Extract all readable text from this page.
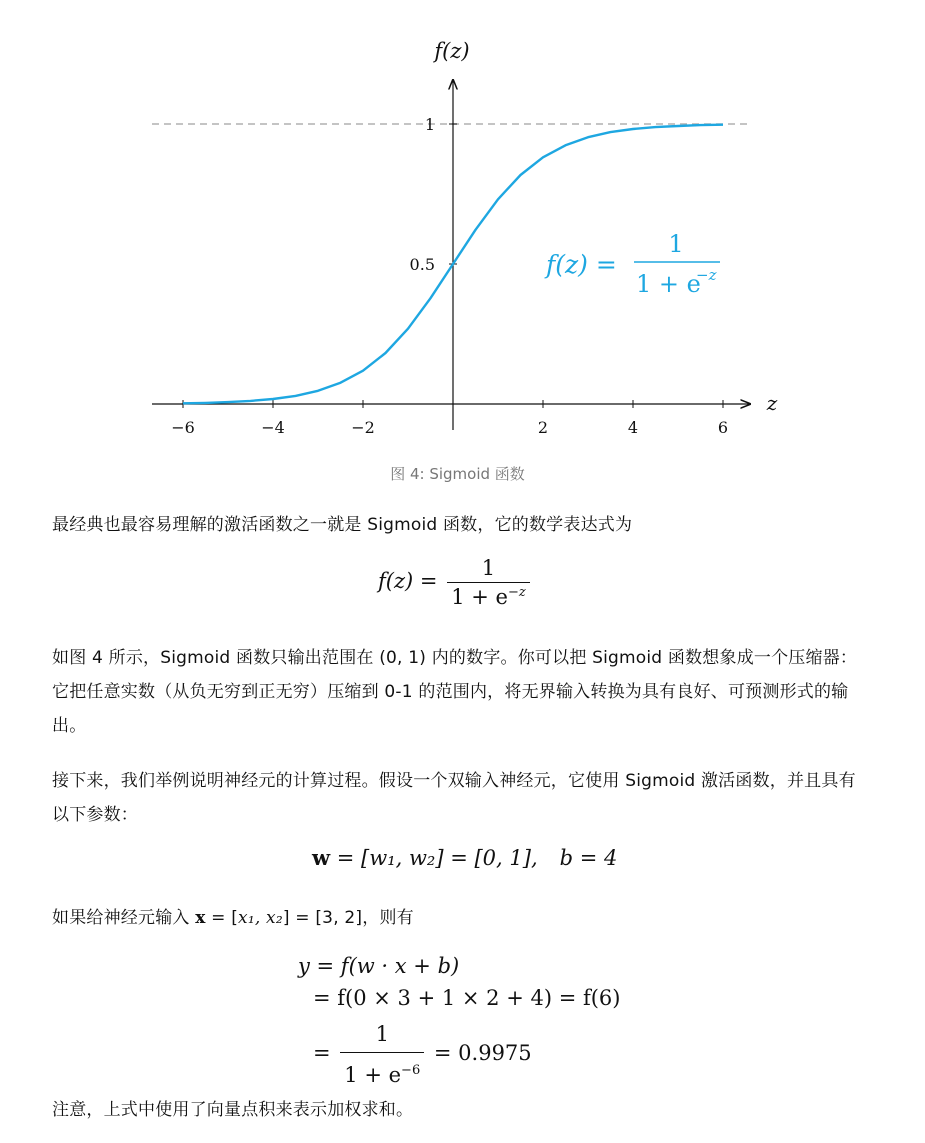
−6	−4	−2	2	4	6
0.5
1
z
f(z)
f(z) =
1
1 + e
−z
图 4: Sigmoid 函数
最经典也最容易理解的激活函数之一就是 Sigmoid 函数，它的数学表达式为
$f(z) = \frac{1}{1 + e^{-z}}$
如图 4 所示，Sigmoid 函数只输出范围在 (0, 1) 内的数字。你可以把 Sigmoid 函数想象成一个压缩器：它把任意实数（从负无穷到正无穷）压缩到 0-1 的范围内，将无界输入转换为具有良好、可预测形式的输出。
接下来，我们举例说明神经元的计算过程。假设一个双输入神经元，它使用 Sigmoid 激活函数，并且具有以下参数：
w = [w₁, w₂] = [0, 1], b = 4
如果给神经元输入 x = [x₁, x₂] = [3, 2]，则有
y = f(w · x + b)
= f(0 × 3 + 1 × 2 + 4) = f(6)
= $\frac{1}{1 + e^{-6}} = 0.9975$
注意，上式中使用了向量点积来表示加权求和。
